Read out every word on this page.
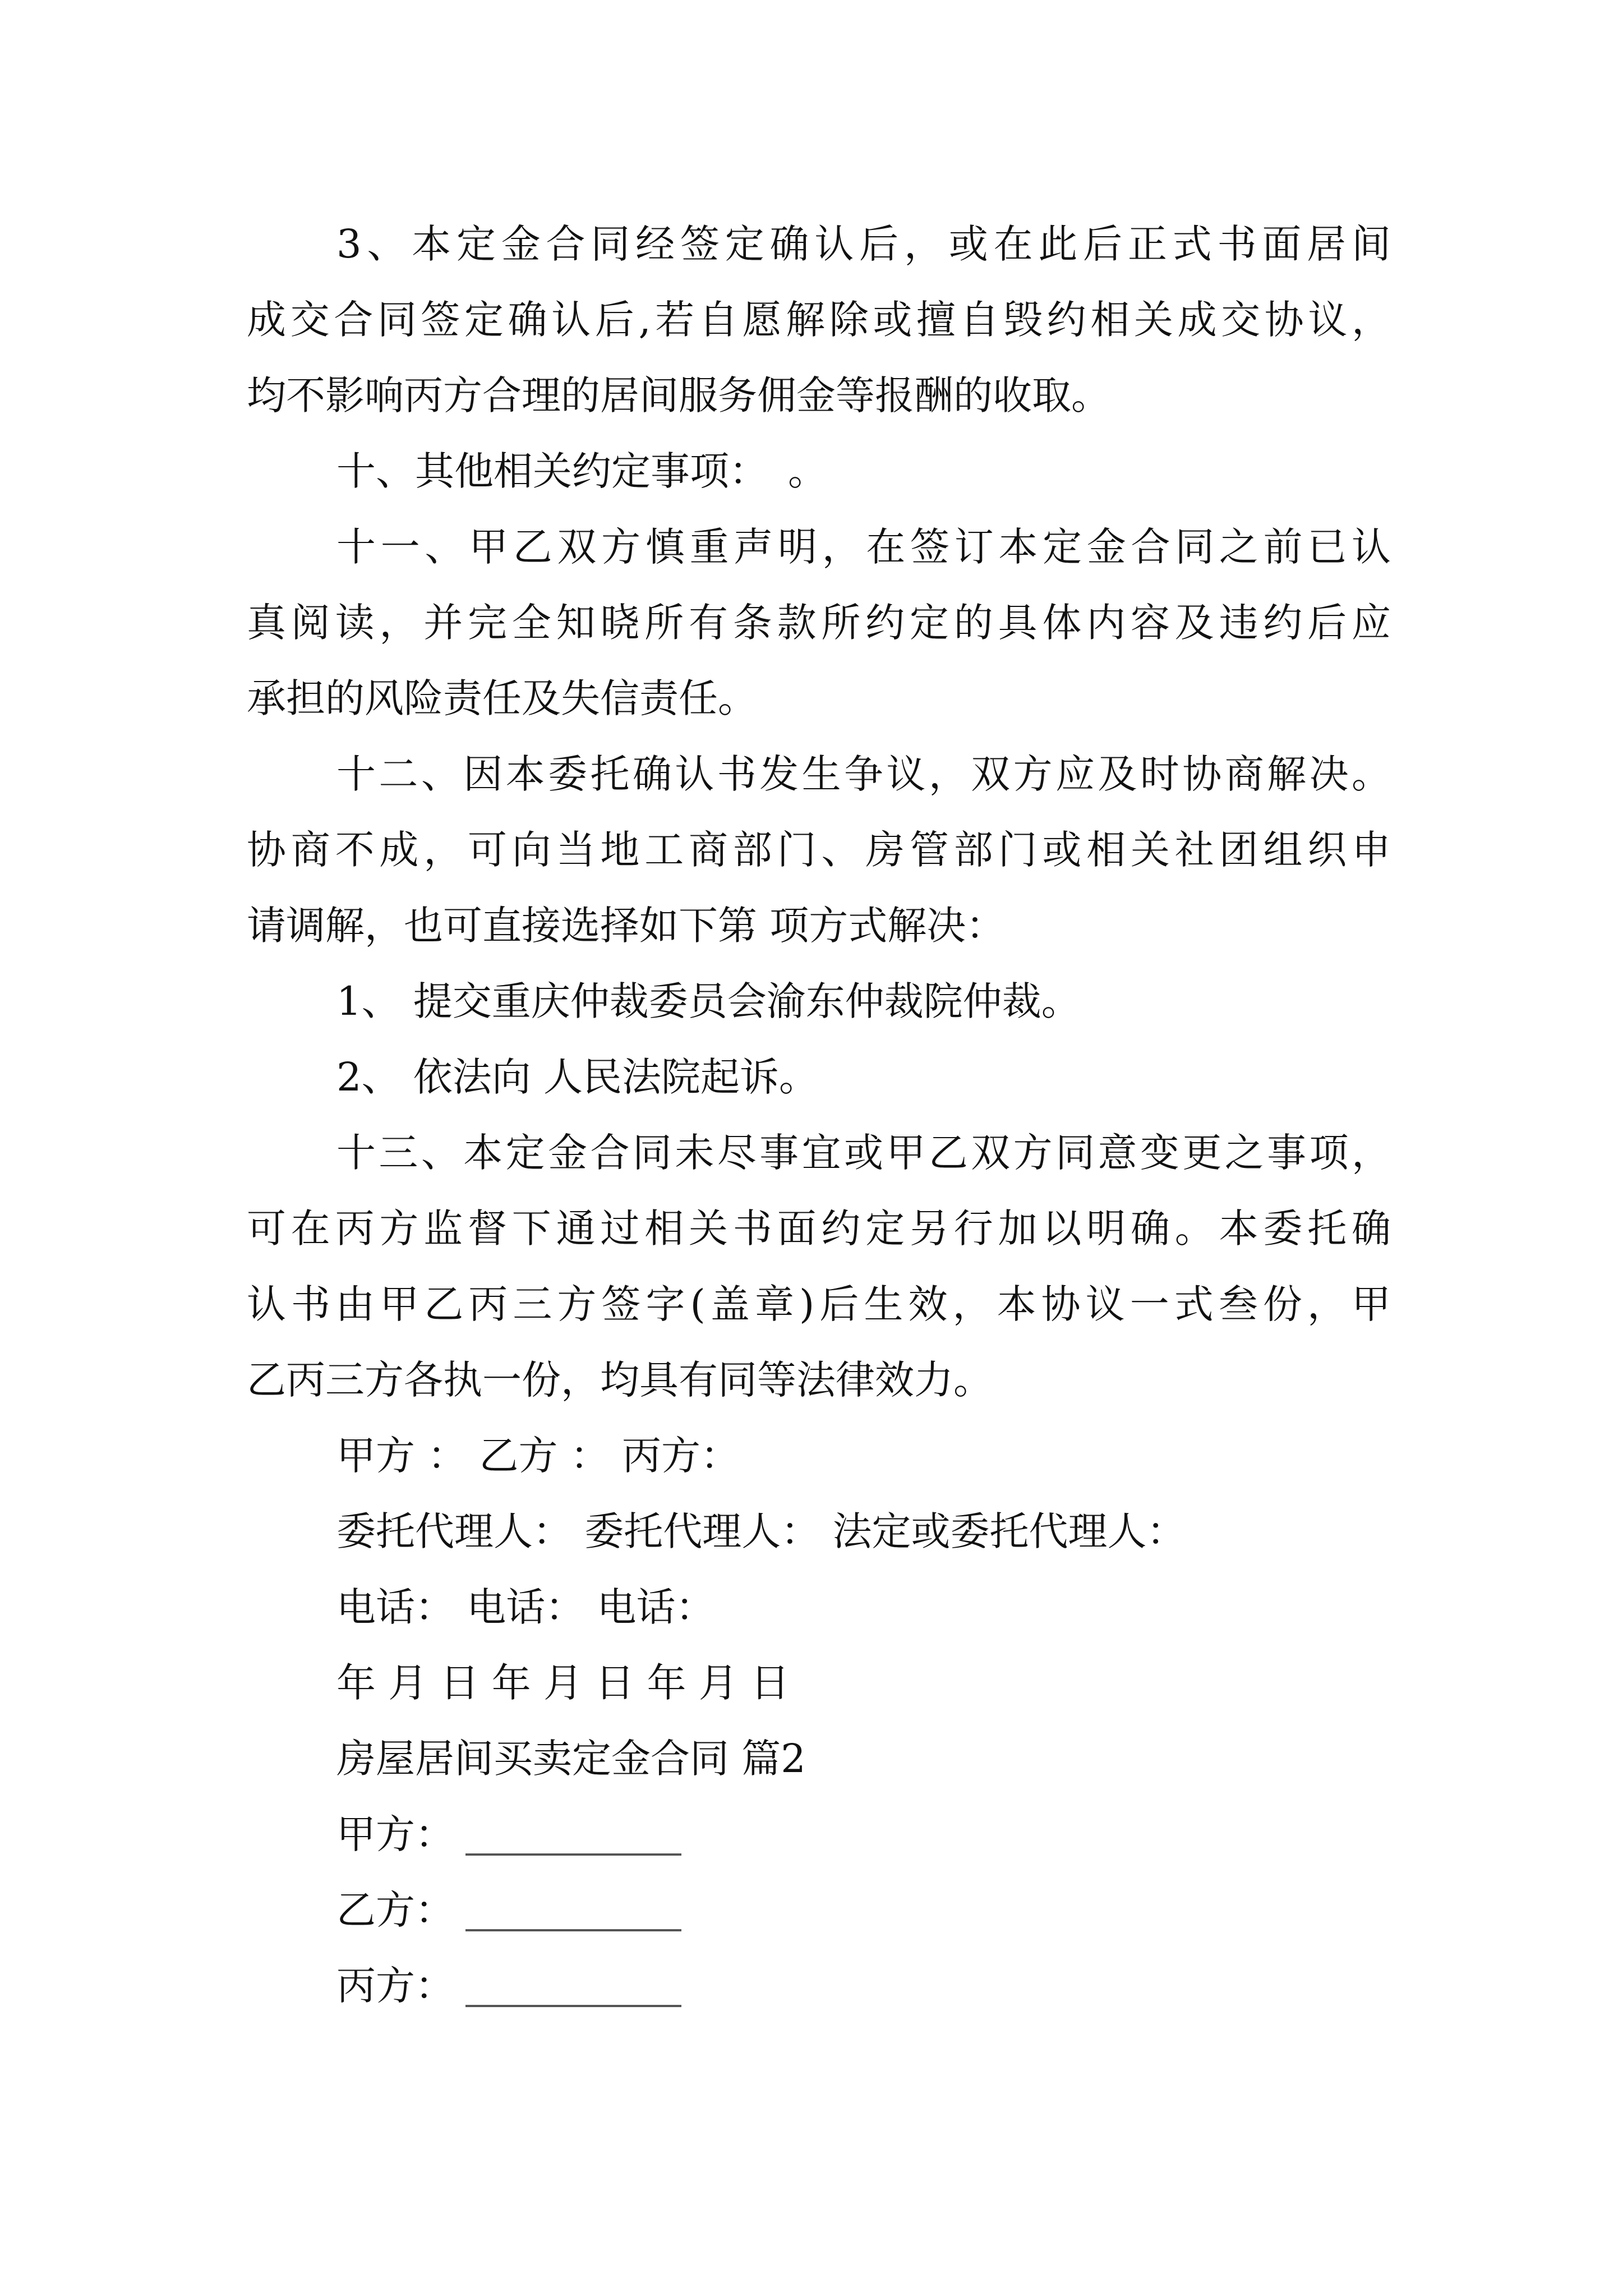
3、本定金合同经签定确认后，或在此后正式书面居间
成交合同签定确认后,若自愿解除或擅自毁约相关成交协议，
均不影响丙方合理的居间服务佣金等报酬的收取。
十、其他相关约定事项：　。
十一、甲乙双方慎重声明，在签订本定金合同之前已认
真阅读，并完全知晓所有条款所约定的具体内容及违约后应
承担的风险责任及失信责任。
十二、因本委托确认书发生争议，双方应及时协商解决。
协商不成，可向当地工商部门、房管部门或相关社团组织申
请调解，也可直接选择如下第 项方式解决：
1、 提交重庆仲裁委员会渝东仲裁院仲裁。
2、 依法向 人民法院起诉。
十三、本定金合同未尽事宜或甲乙双方同意变更之事项，
可在丙方监督下通过相关书面约定另行加以明确。本委托确
认书由甲乙丙三方签字(盖章)后生效，本协议一式叁份，甲
乙丙三方各执一份，均具有同等法律效力。
甲方 ： 乙方 ： 丙方：
委托代理人： 委托代理人： 法定或委托代理人：
电话： 电话： 电话：
年 月 日 年 月 日 年 月 日
房屋居间买卖定金合同 篇2
甲方：
乙方：
丙方：
